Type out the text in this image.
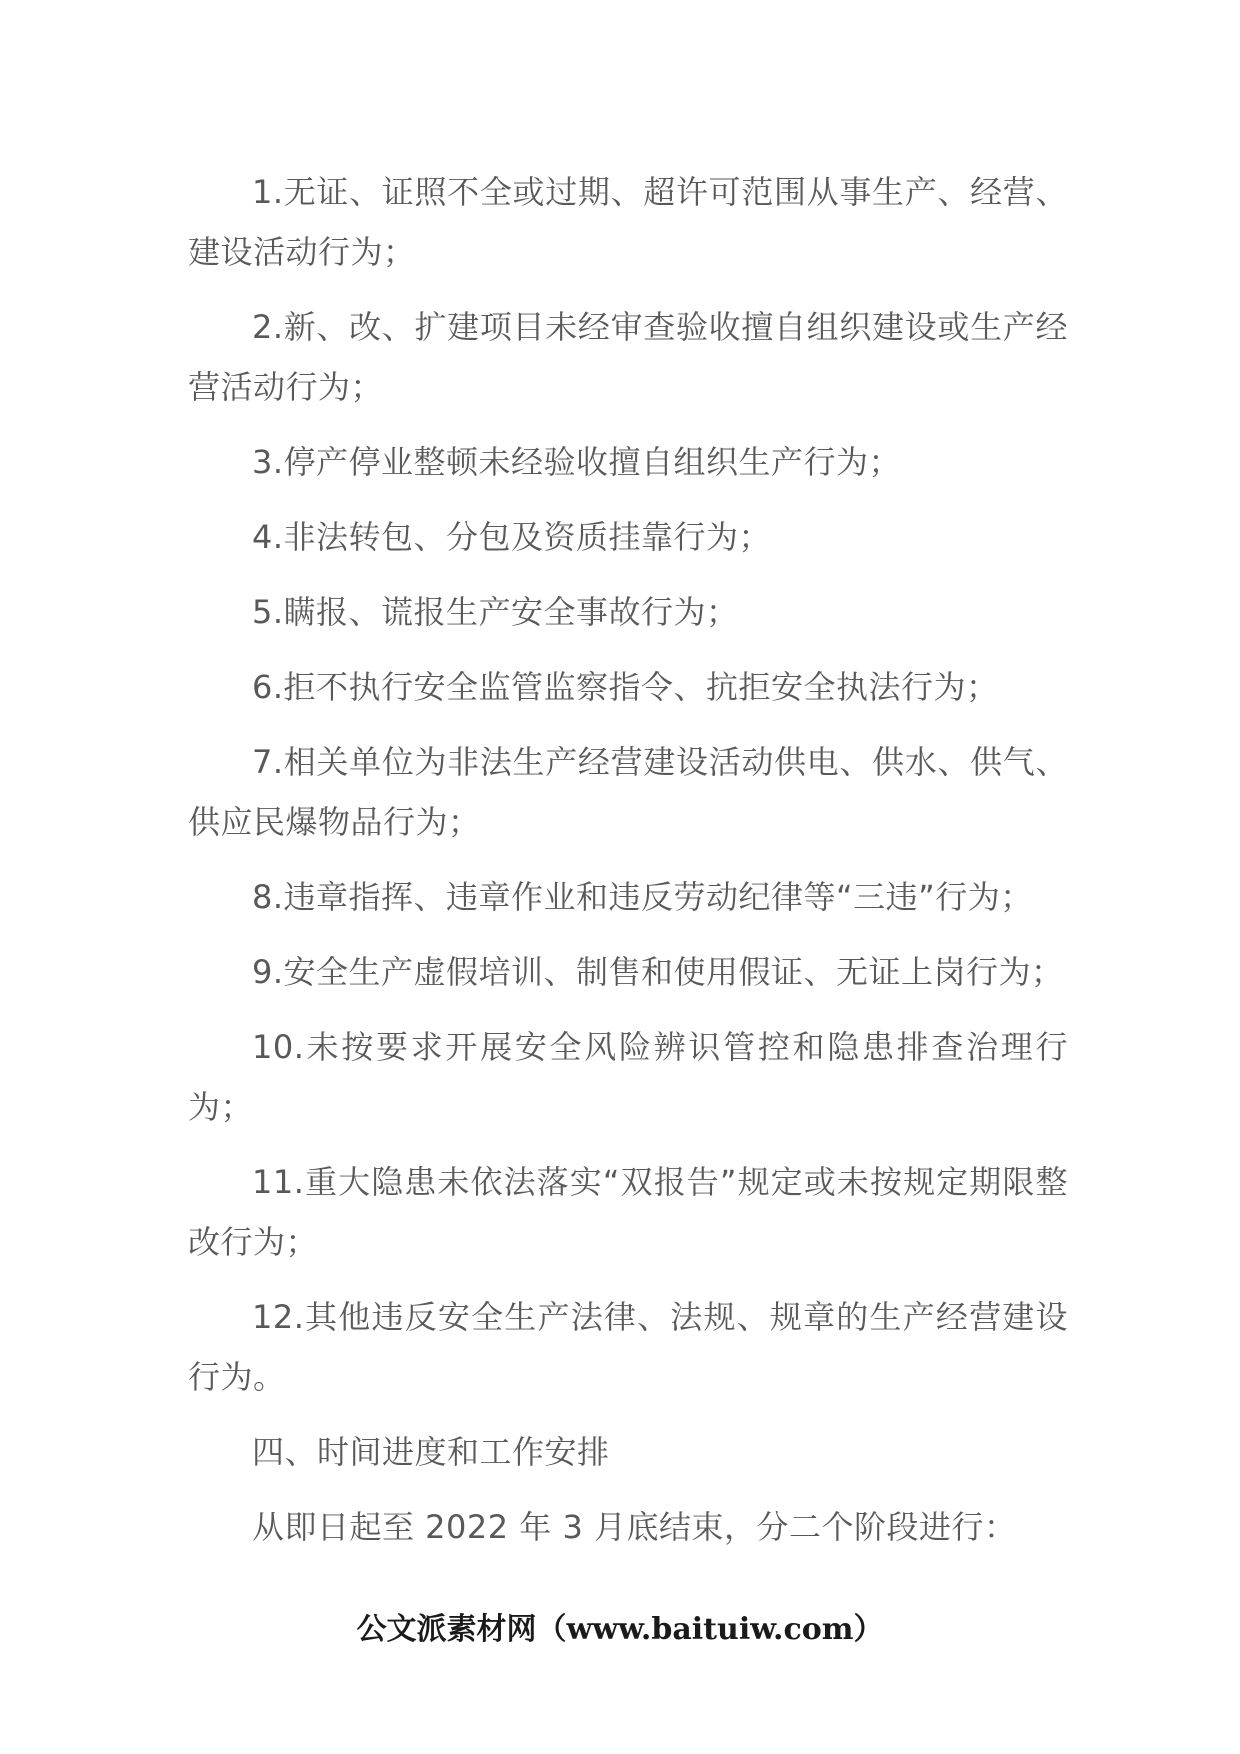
1.无证、证照不全或过期、超许可范围从事生产、经营、建设活动行为；

2.新、改、扩建项目未经审查验收擅自组织建设或生产经营活动行为；

3.停产停业整顿未经验收擅自组织生产行为；

4.非法转包、分包及资质挂靠行为；

5.瞒报、谎报生产安全事故行为；

6.拒不执行安全监管监察指令、抗拒安全执法行为；

7.相关单位为非法生产经营建设活动供电、供水、供气、供应民爆物品行为；

8.违章指挥、违章作业和违反劳动纪律等“三违”行为；

9.安全生产虚假培训、制售和使用假证、无证上岗行为；

10.未按要求开展安全风险辨识管控和隐患排查治理行为；

11.重大隐患未依法落实“双报告”规定或未按规定期限整改行为；

12.其他违反安全生产法律、法规、规章的生产经营建设行为。

四、时间进度和工作安排

从即日起至 2022 年 3 月底结束，分二个阶段进行：

公文派素材网（www.baituiw.com）
